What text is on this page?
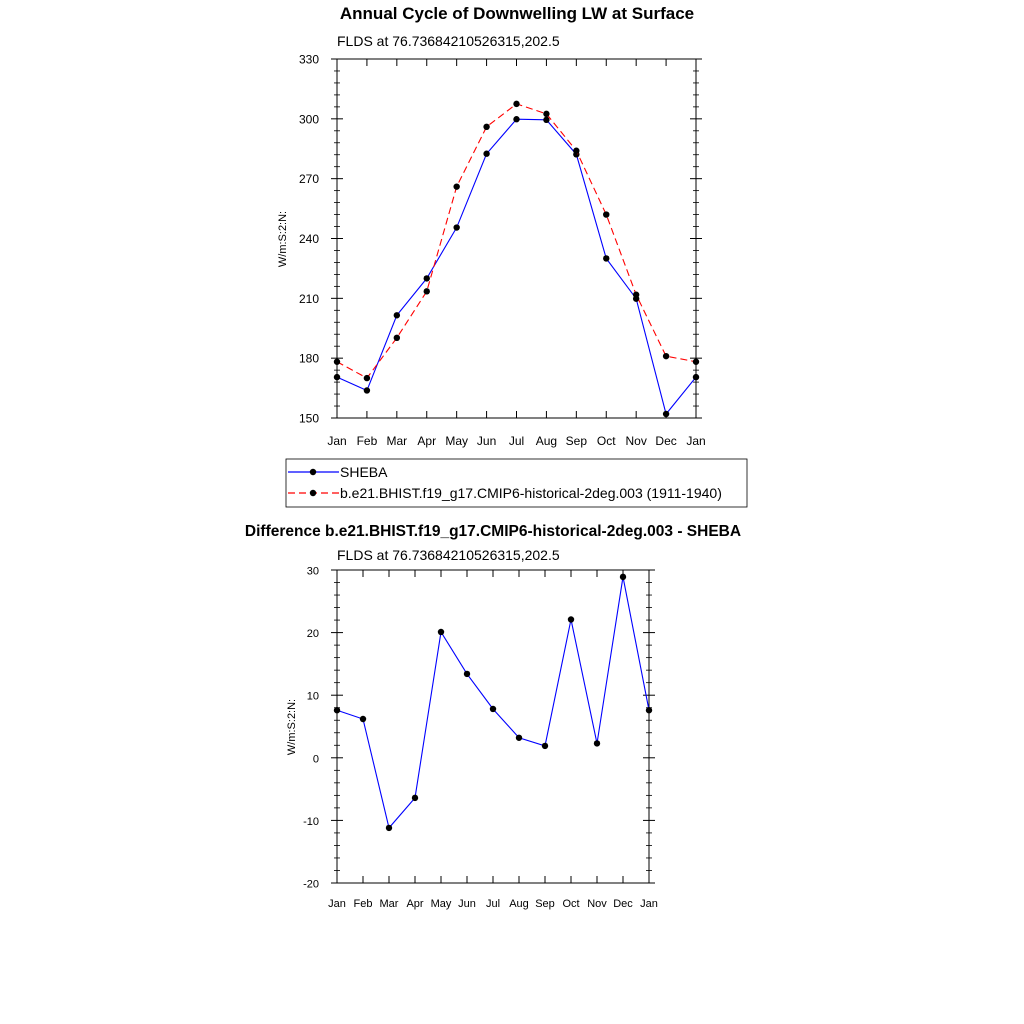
Annual Cycle of Downwelling LW at Surface
FLDS at 76.73684210526315,202.5
150
180
210
240
270
300
330
Jan Feb Mar Apr May Jun Jul Aug Sep Oct Nov Dec Jan
W/m:S:2:N:
SHEBA
b.e21.BHIST.f19_g17.CMIP6-historical-2deg.003 (1911-1940)
Difference b.e21.BHIST.f19_g17.CMIP6-historical-2deg.003 - SHEBA
FLDS at 76.73684210526315,202.5
-20
-10
0
10
20
30
Jan Feb Mar Apr May Jun Jul Aug Sep Oct Nov Dec Jan
W/m:S:2:N:
